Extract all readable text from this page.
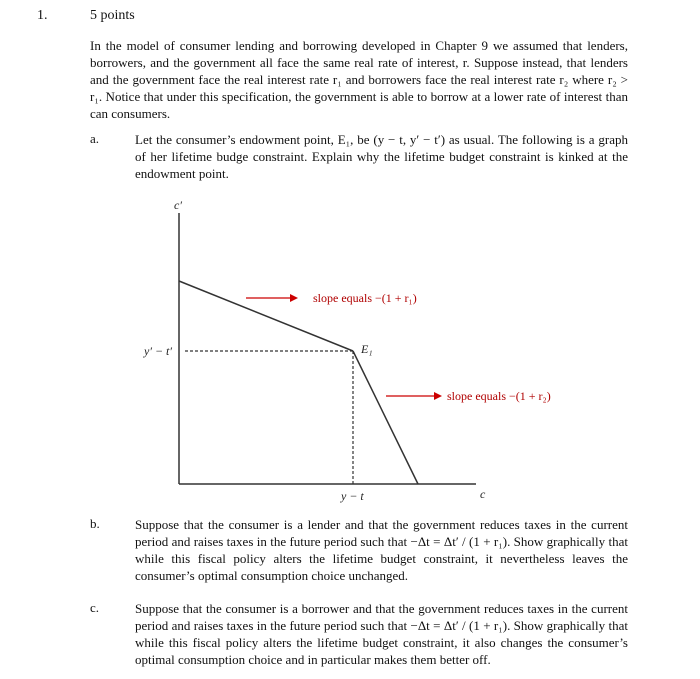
1.	5 points
In the model of consumer lending and borrowing developed in Chapter 9 we assumed that lenders, borrowers, and the government all face the same real rate of interest, r. Suppose instead, that lenders and the government face the real interest rate r₁ and borrowers face the real interest rate r₂ where r₂ > r₁. Notice that under this specification, the government is able to borrow at a lower rate of interest than can consumers.
a.	Let the consumer’s endowment point, E₁, be (y − t, y′ − t′) as usual. The following is a graph of her lifetime budge constraint. Explain why the lifetime budget constraint is kinked at the endowment point.
c′
c
y′ − t′
y − t
E₁
slope equals −(1 + r₁)
slope equals −(1 + r₂)
b.	Suppose that the consumer is a lender and that the government reduces taxes in the current period and raises taxes in the future period such that −Δt = Δt′ / (1 + r₁). Show graphically that while this fiscal policy alters the lifetime budget constraint, it nevertheless leaves the consumer’s optimal consumption choice unchanged.
c.	Suppose that the consumer is a borrower and that the government reduces taxes in the current period and raises taxes in the future period such that −Δt = Δt′ / (1 + r₁). Show graphically that while this fiscal policy alters the lifetime budget constraint, it also changes the consumer’s optimal consumption choice and in particular makes them better off.
